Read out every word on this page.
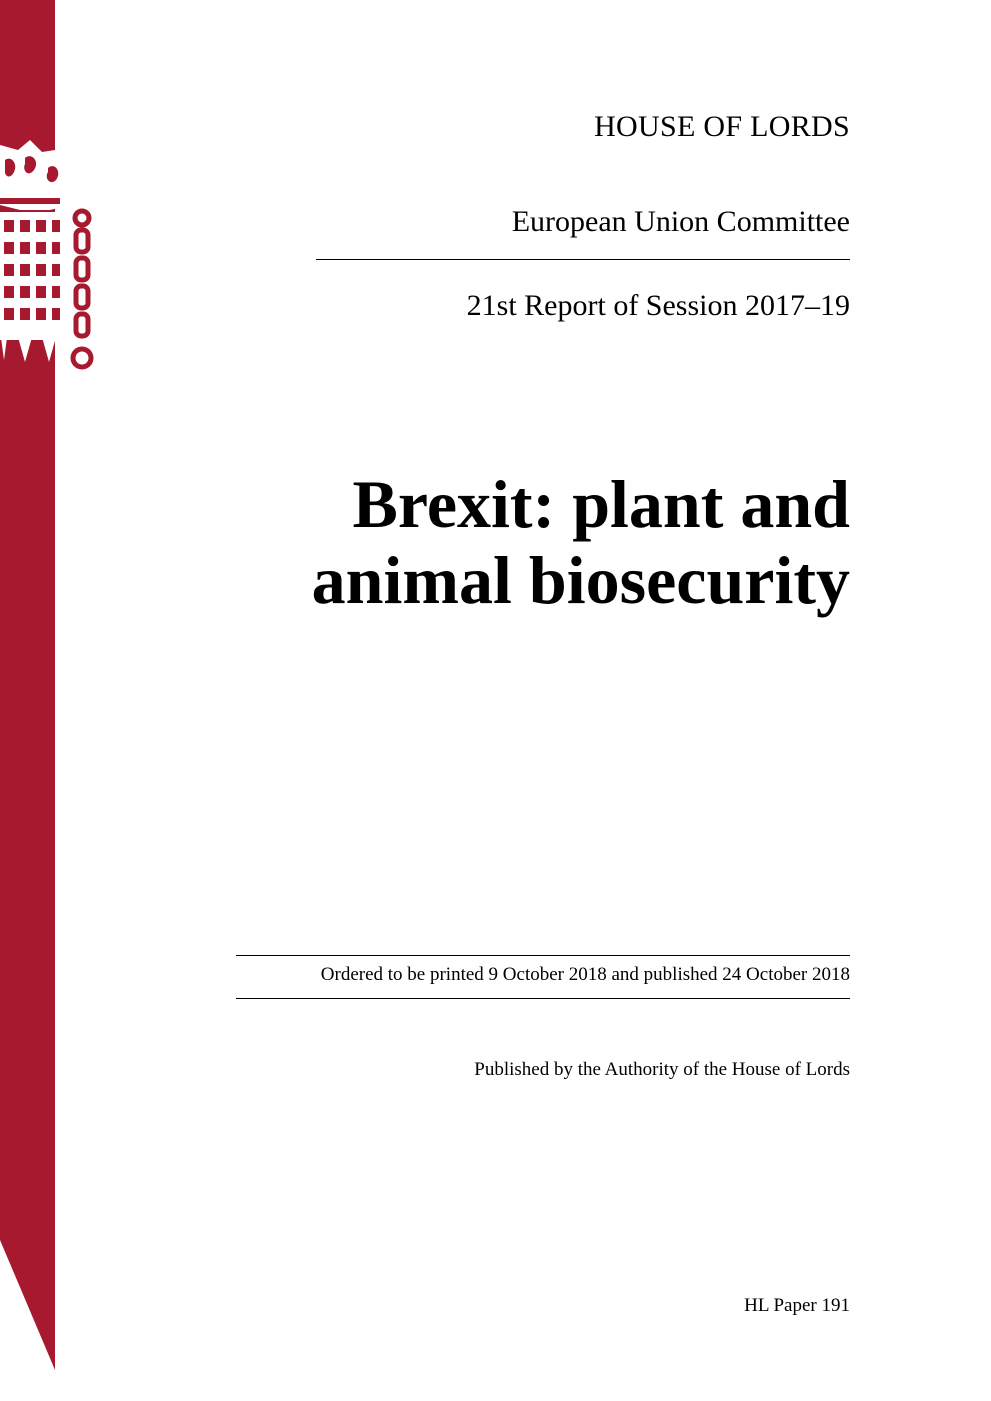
HOUSE OF LORDS
European Union Committee
21st Report of Session 2017–19
Brexit: plant and
animal biosecurity
Ordered to be printed 9 October 2018 and published 24 October 2018
Published by the Authority of the House of Lords
HL Paper 191
